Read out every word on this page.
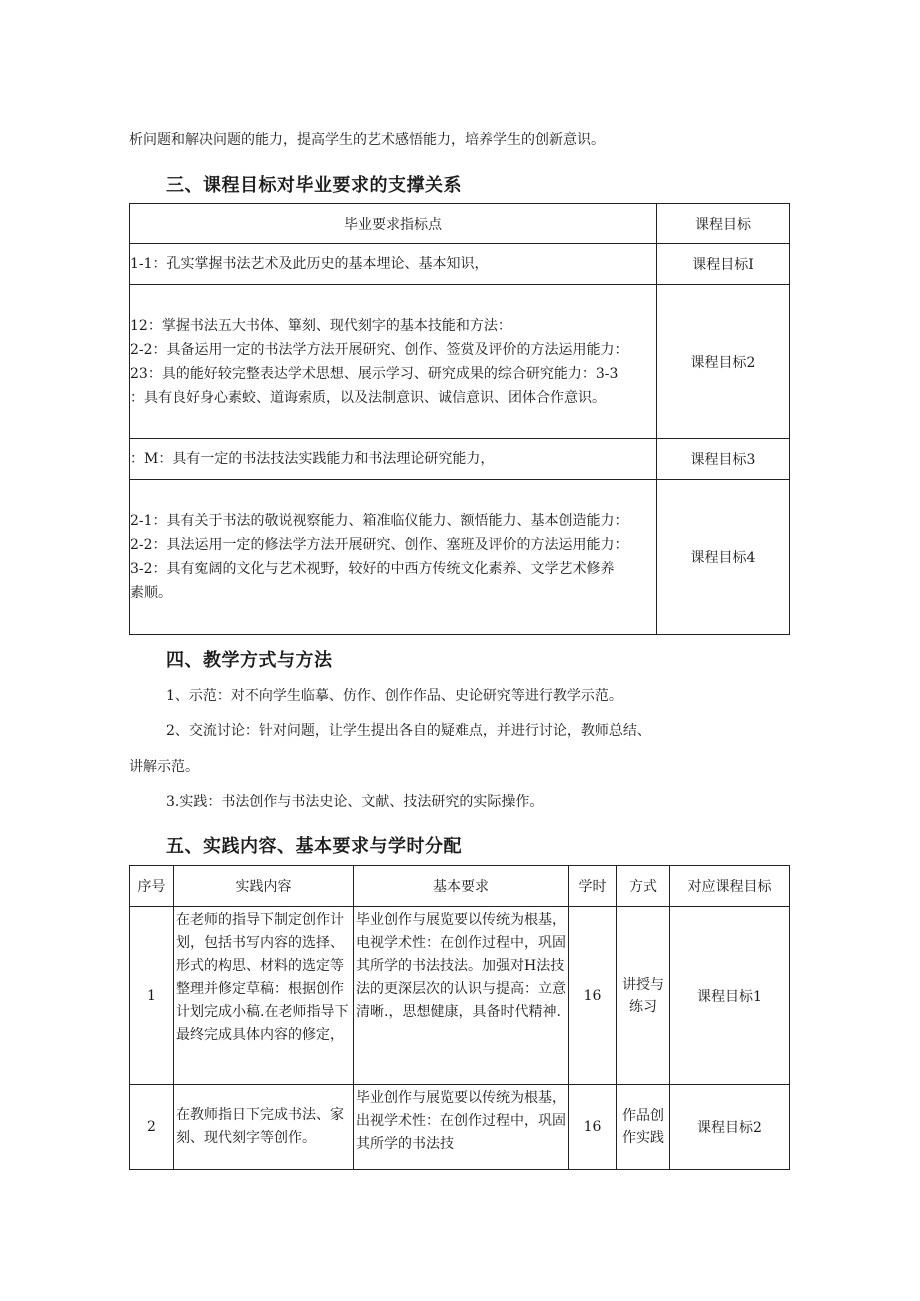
析问题和解决问题的能力，提高学生的艺术感悟能力，培养学生的创新意识。
三、课程目标对毕业要求的支撑关系
毕业要求指标点	课程目标

1-1：孔实掌握书法艺术及此历史的基本埋论、基本知识，	课程目标I

12：掌握书法五大书体、篳刻、现代刻字的基本技能和方法：
2-2：具备运用一定的书法学方法开展研究、创作、签赏及评价的方法运用能力：
23：具的能好较完整表达学术思想、展示学习、研究成果的综合研究能力：3-3
：具有良好身心素蛟、道诲索质，以及法制意识、诚信意识、团体合作意识。	课程目标2

：M：具有一定的书法技法实践能力和书法理论研究能力，	课程目标3

2-1：具有关于书法的敬说视察能力、箱准临仪能力、额悟能力、基本创造能力：
2-2：具法运用一定的修法学方法开展研究、创作、塞班及评价的方法运用能力：
3-2：具有寃阔的文化与艺术视野，较好的中西方传统文化素养、文学艺术修养
素顺。	课程目标4
四、教学方式与方法
1、示范：对不向学生临摹、仿作、创作作品、史论研究等进行教学示范。
2、交流讨论：针对问题，让学生提出各自的疑难点，并进行讨论，教师总结、
讲解示范。
3.实践：书法创作与书法史论、文献、技法研究的实际操作。
五、实践内容、基本要求与学时分配
序号	实践内容	基本要求	学时	方式	对应课程目标
1	在老师的指导下制定创作计划，包括书写内容的选择、形式的构思、材料的选定等整理并修定草稿：根据创作计划完成小稿.在老师指导下最终完成具体内容的修定，	毕业创作与展览要以传统为根基，电视学术性：在创作过程中，巩固其所学的书法技法。加强对H法技法的更深层次的认识与提高：立意清晰.，思想健康，具备时代精神.	16	讲授与练习	课程目标1
2	在教师指日下完成书法、家刻、现代刻字等创作。	毕业创作与展览要以传统为根基，出视学术性：在创作过程中，巩固其所学的书法技	16	作品创作实践	课程目标2
